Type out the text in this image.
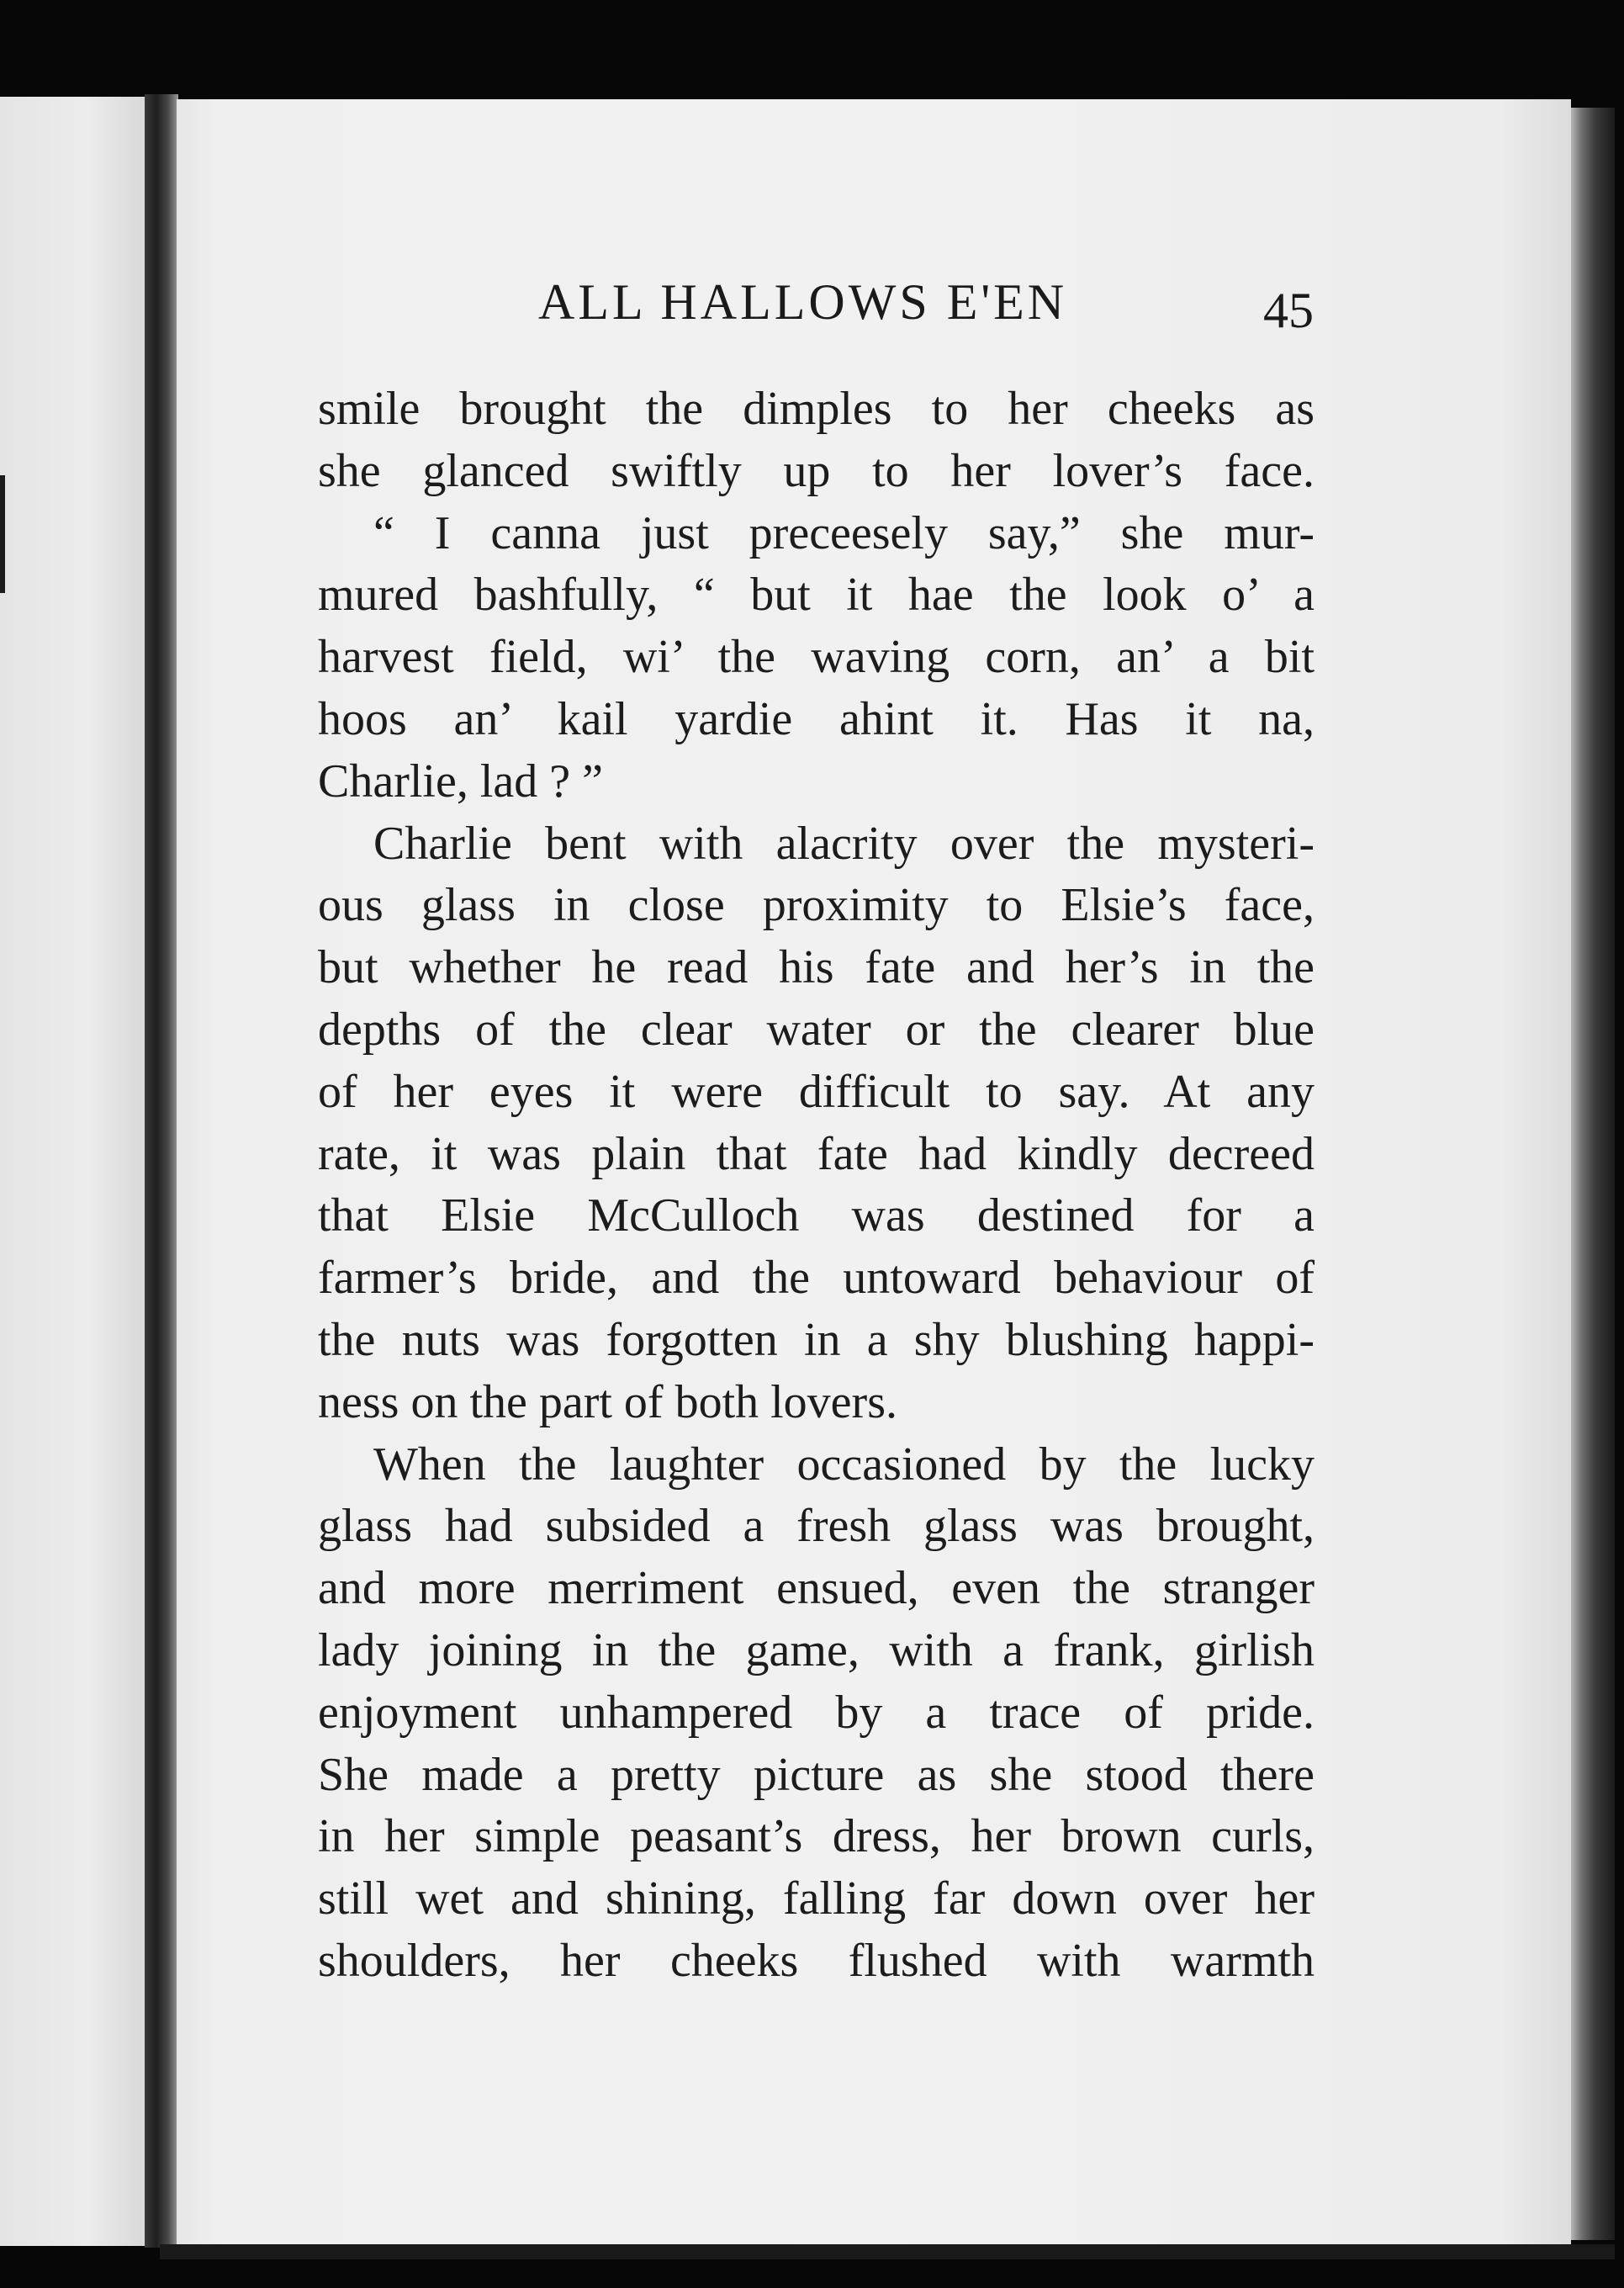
ALL HALLOWS E'EN	45
smile brought the dimples to her cheeks as
she glanced swiftly up to her lover’s face.
“ I canna just preceesely say,” she mur-
mured bashfully, “ but it hae the look o’ a
harvest field, wi’ the waving corn, an’ a bit
hoos an’ kail yardie ahint it. Has it na,
Charlie, lad ? ”
Charlie bent with alacrity over the mysteri-
ous glass in close proximity to Elsie’s face,
but whether he read his fate and her’s in the
depths of the clear water or the clearer blue
of her eyes it were difficult to say. At any
rate, it was plain that fate had kindly decreed
that Elsie McCulloch was destined for a
farmer’s bride, and the untoward behaviour of
the nuts was forgotten in a shy blushing happi-
ness on the part of both lovers.
When the laughter occasioned by the lucky
glass had subsided a fresh glass was brought,
and more merriment ensued, even the stranger
lady joining in the game, with a frank, girlish
enjoyment unhampered by a trace of pride.
She made a pretty picture as she stood there
in her simple peasant’s dress, her brown curls,
still wet and shining, falling far down over her
shoulders, her cheeks flushed with warmth
